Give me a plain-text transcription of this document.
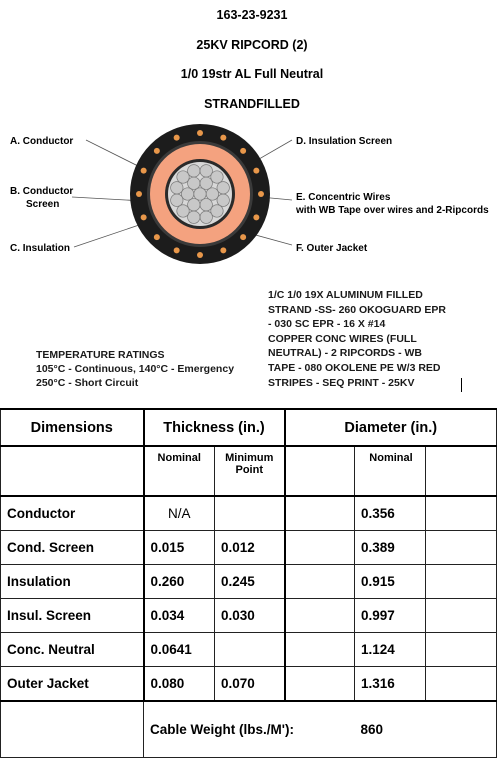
163-23-9231
25KV RIPCORD (2)
1/0 19str AL Full Neutral
STRANDFILLED
A. Conductor
B. Conductor
Screen
C. Insulation
D. Insulation Screen
E. Concentric Wires
with WB Tape over wires and 2-Ripcords
F. Outer Jacket
1/C 1/0 19X ALUMINUM FILLED
STRAND -SS- 260 OKOGUARD EPR
- 030 SC EPR - 16 X #14
COPPER CONC WIRES (FULL
NEUTRAL) - 2 RIPCORDS - WB
TAPE - 080 OKOLENE PE W/3 RED
STRIPES - SEQ PRINT - 25KV
TEMPERATURE RATINGS
105°C - Continuous, 140°C - Emergency
250°C - Short Circuit
Dimensions	Thickness (in.)		Diameter (in.)		
	Nominal	Minimum
Point		Nominal	
Conductor	N/A			0.356	
Cond. Screen	0.015	0.012		0.389	
Insulation	0.260	0.245		0.915	
Insul. Screen	0.034	0.030		0.997	
Conc. Neutral	0.0641			1.124	
Outer Jacket	0.080	0.070		1.316	
	Cable Weight (lbs./M'):			860	
